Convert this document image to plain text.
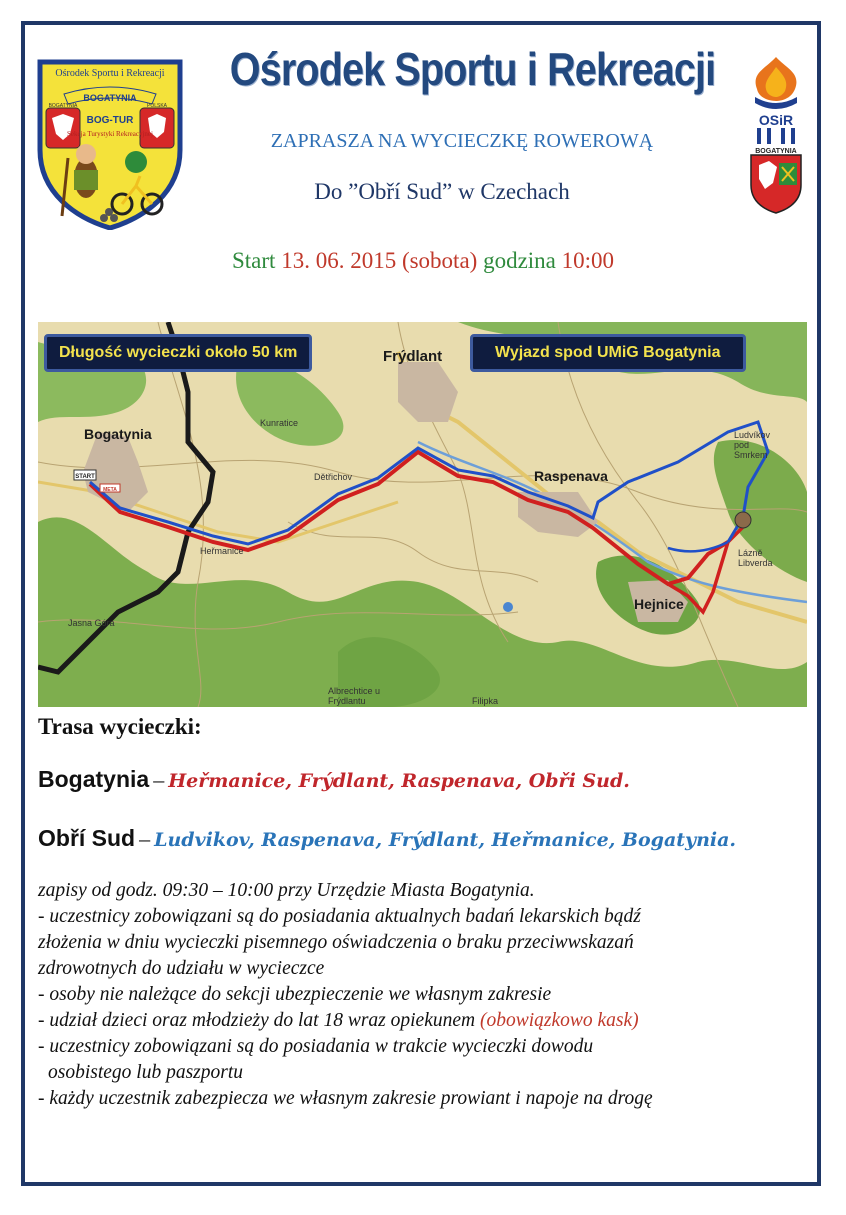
Ośrodek Sportu i Rekreacji
BOGATYNIA
BOGATYNIA	POLSKA
BOG-TUR
Sekcja Turystyki Rekreacyjnej
OSiR
BOGATYNIA
Ośrodek Sportu i Rekreacji
ZAPRASZA NA WYCIECZKĘ ROWEROWĄ
Do ”Obří Sud” w Czechach
Start 13. 06. 2015 (sobota) godzina 10:00
START
META
Długość wycieczki około 50 km	Wyjazd spod UMiG Bogatynia
Frýdlant
Bogatynia
Raspenava
Hejnice
Ludvíkov pod Smrkem
Lázně Libverda
Dětřichov
Heřmanice
Kunratice
Jasna Góra
Albrechtice u Frýdlantu	Filipka
Trasa wycieczki:
Bogatynia – Heřmanice, Frýdlant, Raspenava, Obři Sud.
Obří Sud – Ludvikov, Raspenava, Frýdlant, Heřmanice, Bogatynia.
zapisy od godz. 09:30 – 10:00 przy Urzędzie Miasta Bogatynia.
- uczestnicy zobowiązani są do posiadania aktualnych badań lekarskich bądź
złożenia w dniu wycieczki pisemnego oświadczenia o braku przeciwwskazań
zdrowotnych do udziału w wycieczce
- osoby nie należące do sekcji ubezpieczenie we własnym zakresie
- udział dzieci oraz młodzieży do lat 18 wraz opiekunem (obowiązkowo kask)
- uczestnicy zobowiązani są do posiadania w trakcie wycieczki dowodu
osobistego lub paszportu
- każdy uczestnik zabezpiecza we własnym zakresie prowiant i napoje na drogę
